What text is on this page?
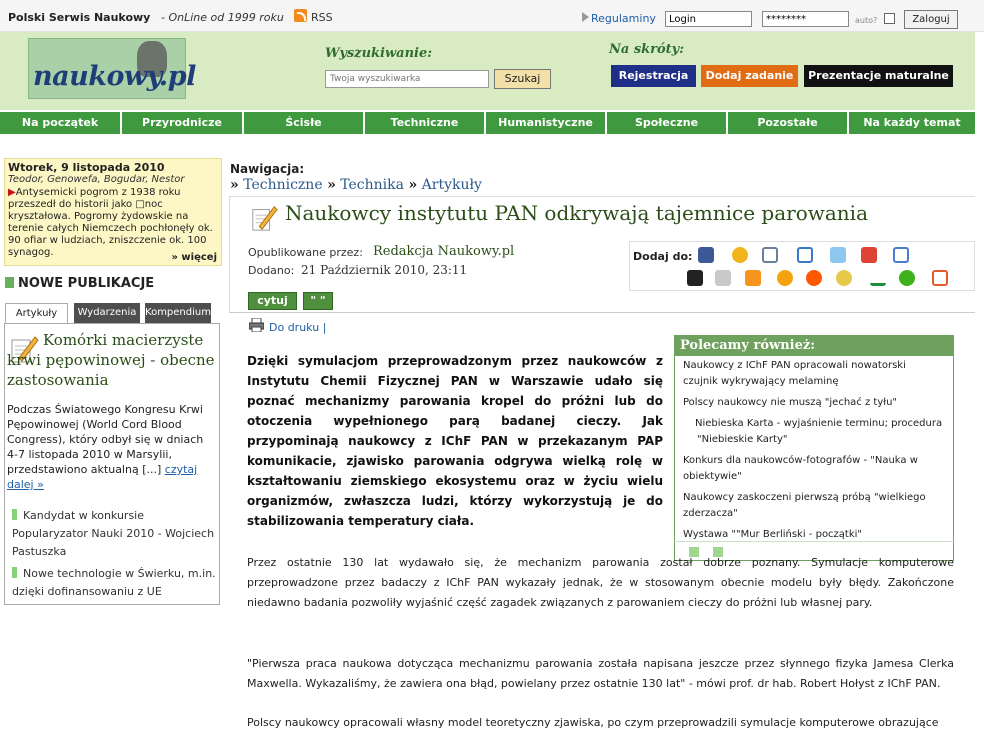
Polski Serwis Naukowy - OnLine od 1999 roku RSS	Regulaminy
Login
********	auto?	Zaloguj
naukowy.pl
Wyszukiwanie:
Twoja wyszukiwarka
Szukaj
Na skróty:
Rejestracja	Dodaj zadanie	Prezentacje maturalne
Na początek	Przyrodnicze	Ścisłe	Techniczne	Humanistyczne	Społeczne	Pozostałe	Na każdy temat
Wtorek, 9 listopada 2010
Teodor, Genowefa, Bogudar, Nestor
▶ Antysemicki pogrom z 1938 roku przeszedł do historii jako □noc kryształowa. Pogromy żydowskie na terenie całych Niemczech pochłonęły ok. 90 ofiar w ludziach, zniszczenie ok. 100 synagog.	» więcej
NOWE PUBLIKACJE
Artykuły	Wydarzenia Kompendium
Komórki macierzyste krwi pępowinowej - obecne zastosowania
Podczas Światowego Kongresu Krwi Pępowinowej (World Cord Blood Congress), który odbył się w dniach 4-7 listopada 2010 w Marsylii, przedstawiono aktualną [...] czytaj dalej »
Kandydat w konkursie Popularyzator Nauki 2010 - Wojciech Pastuszka
Nowe technologie w Świerku, m.in. dzięki dofinansowaniu z UE
Nawigacja:
» Techniczne » Technika » Artykuły
Naukowcy instytutu PAN odkrywają tajemnice parowania
Opublikowane przez: Redakcja Naukowy.pl
Dodano: 21 Październik 2010, 23:11
Dodaj do:
cytuj	" "
Do druku |
Dzięki symulacjom przeprowadzonym przez naukowców z Instytutu Chemii Fizycznej PAN w Warszawie udało się poznać mechanizmy parowania kropel do próżni lub do otoczenia wypełnionego parą badanej cieczy. Jak przypominają naukowcy z IChF PAN w przekazanym PAP komunikacie, zjawisko parowania odgrywa wielką rolę w kształtowaniu ziemskiego ekosystemu oraz w życiu wielu organizmów, zwłaszcza ludzi, którzy wykorzystują je do stabilizowania temperatury ciała.
Polecamy również:
Naukowcy z IChF PAN opracowali nowatorski czujnik wykrywający melaminę
Polscy naukowcy nie muszą "jechać z tyłu"
Niebieska Karta - wyjaśnienie terminu; procedura "Niebieskie Karty"
Konkurs dla naukowców-fotografów - "Nauka w obiektywie"
Naukowcy zaskoczeni pierwszą próbą "wielkiego zderzacza"
Wystawa ""Mur Berliński - początki"
Przez ostatnie 130 lat wydawało się, że mechanizm parowania został dobrze poznany. Symulacje komputerowe przeprowadzone przez badaczy z IChF PAN wykazały jednak, że w stosowanym obecnie modelu były błędy. Zakończone niedawno badania pozwoliły wyjaśnić część zagadek związanych z parowaniem cieczy do próżni lub własnej pary.
"Pierwsza praca naukowa dotycząca mechanizmu parowania została napisana jeszcze przez słynnego fizyka Jamesa Clerka Maxwella. Wykazaliśmy, że zawiera ona błąd, powielany przez ostatnie 130 lat" - mówi prof. dr hab. Robert Hołyst z IChF PAN.
Polscy naukowcy opracowali własny model teoretyczny zjawiska, po czym przeprowadzili symulacje komputerowe obrazujące
